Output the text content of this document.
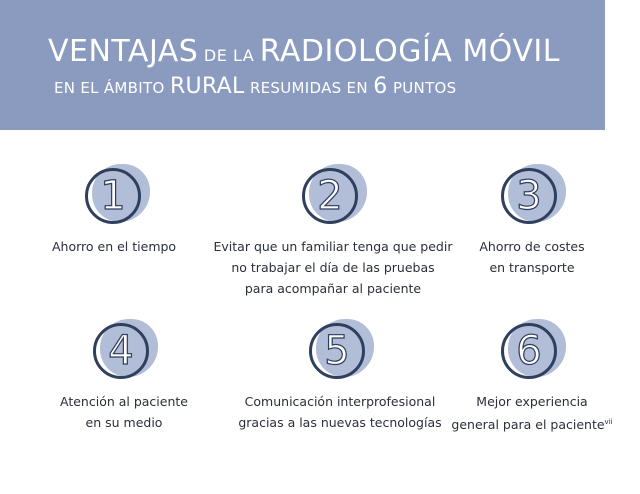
VENTAJAS DE LA RADIOLOGÍA MÓVIL
EN EL ÁMBITO RURAL RESUMIDAS EN 6 PUNTOS
1
Ahorro en el tiempo
2
Evitar que un familiar tenga que pedir
no trabajar el día de las pruebas
para acompañar al paciente
3
Ahorro de costes
en transporte
4
Atención al paciente
en su medio
5
Comunicación interprofesional
gracias a las nuevas tecnologías
6
Mejor experiencia
general para el paciente$^{vii}$
